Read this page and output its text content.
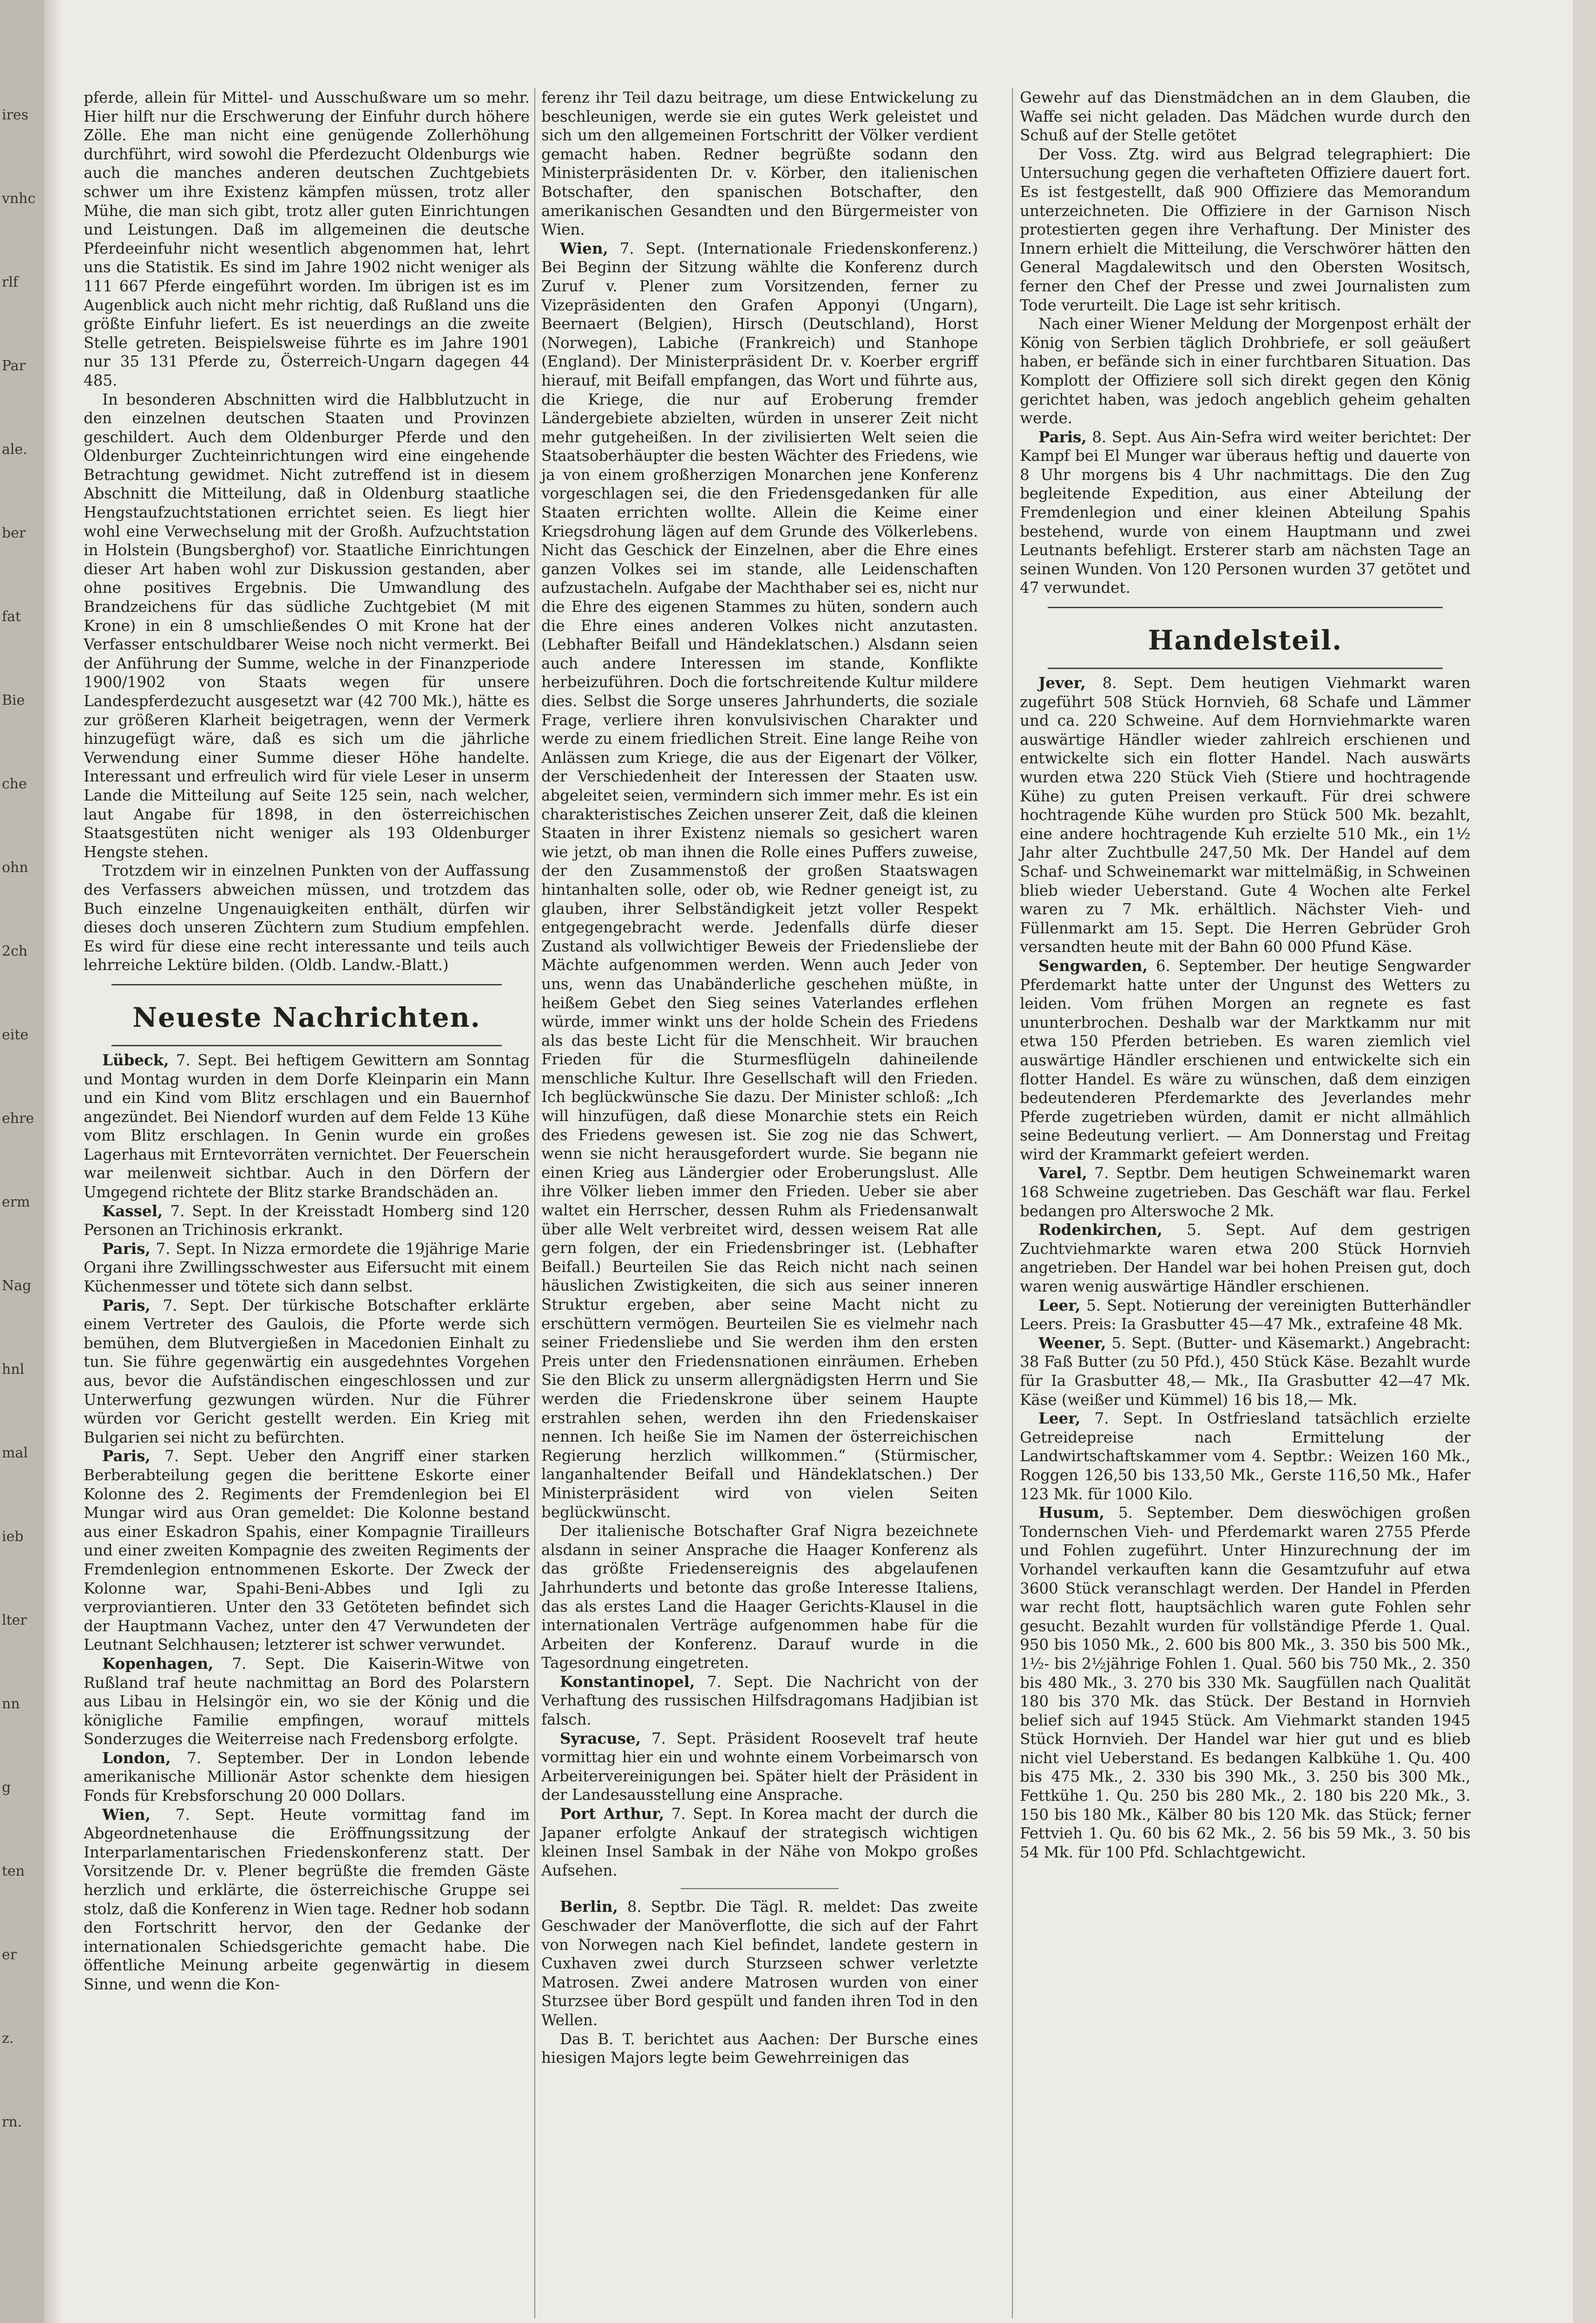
ires
vnhc
rlf
Par
ale.
ber
fat
Bie
che
ohn
2ch
eite
ehre
erm
Nag
hnl
mal
ieb
lter
nn
g
ten
er
z.
rn.

pferde, allein für Mittel- und Ausschußware um so mehr. Hier hilft nur die Erschwerung der Einfuhr durch höhere Zölle. Ehe man nicht eine genügende Zollerhöhung durchführt, wird sowohl die Pferdezucht Oldenburgs wie auch die manches anderen deutschen Zuchtgebiets schwer um ihre Existenz kämpfen müssen, trotz aller Mühe, die man sich gibt, trotz aller guten Einrichtungen und Leistungen. Daß im allgemeinen die deutsche Pferdeeinfuhr nicht wesentlich abgenommen hat, lehrt uns die Statistik. Es sind im Jahre 1902 nicht weniger als 111 667 Pferde eingeführt worden. Im übrigen ist es im Augenblick auch nicht mehr richtig, daß Rußland uns die größte Einfuhr liefert. Es ist neuerdings an die zweite Stelle getreten. Beispielsweise führte es im Jahre 1901 nur 35 131 Pferde zu, Österreich-Ungarn dagegen 44 485.

In besonderen Abschnitten wird die Halbblutzucht in den einzelnen deutschen Staaten und Provinzen geschildert. Auch dem Oldenburger Pferde und den Oldenburger Zuchteinrichtungen wird eine eingehende Betrachtung gewidmet. Nicht zutreffend ist in diesem Abschnitt die Mitteilung, daß in Oldenburg staatliche Hengstaufzuchtstationen errichtet seien. Es liegt hier wohl eine Verwechselung mit der Großh. Aufzuchtstation in Holstein (Bungsberghof) vor. Staatliche Einrichtungen dieser Art haben wohl zur Diskussion gestanden, aber ohne positives Ergebnis. Die Umwandlung des Brandzeichens für das südliche Zuchtgebiet (M mit Krone) in ein 8 umschließendes O mit Krone hat der Verfasser entschuldbarer Weise noch nicht vermerkt. Bei der Anführung der Summe, welche in der Finanzperiode 1900/1902 von Staats wegen für unsere Landespferdezucht ausgesetzt war (42 700 Mk.), hätte es zur größeren Klarheit beigetragen, wenn der Vermerk hinzugefügt wäre, daß es sich um die jährliche Verwendung einer Summe dieser Höhe handelte. Interessant und erfreulich wird für viele Leser in unserm Lande die Mitteilung auf Seite 125 sein, nach welcher, laut Angabe für 1898, in den österreichischen Staatsgestüten nicht weniger als 193 Oldenburger Hengste stehen.

Trotzdem wir in einzelnen Punkten von der Auffassung des Verfassers abweichen müssen, und trotzdem das Buch einzelne Ungenauigkeiten enthält, dürfen wir dieses doch unseren Züchtern zum Studium empfehlen. Es wird für diese eine recht interessante und teils auch lehrreiche Lektüre bilden. (Oldb. Landw.-Blatt.)

Neueste Nachrichten.

Lübeck, 7. Sept. Bei heftigem Gewittern am Sonntag und Montag wurden in dem Dorfe Kleinparin ein Mann und ein Kind vom Blitz erschlagen und ein Bauernhof angezündet. Bei Niendorf wurden auf dem Felde 13 Kühe vom Blitz erschlagen. In Genin wurde ein großes Lagerhaus mit Erntevorräten vernichtet. Der Feuerschein war meilenweit sichtbar. Auch in den Dörfern der Umgegend richtete der Blitz starke Brandschäden an.

Kassel, 7. Sept. In der Kreisstadt Homberg sind 120 Personen an Trichinosis erkrankt.

Paris, 7. Sept. In Nizza ermordete die 19jährige Marie Organi ihre Zwillingsschwester aus Eifersucht mit einem Küchenmesser und tötete sich dann selbst.

Paris, 7. Sept. Der türkische Botschafter erklärte einem Vertreter des Gaulois, die Pforte werde sich bemühen, dem Blutvergießen in Macedonien Einhalt zu tun. Sie führe gegenwärtig ein ausgedehntes Vorgehen aus, bevor die Aufständischen eingeschlossen und zur Unterwerfung gezwungen würden. Nur die Führer würden vor Gericht gestellt werden. Ein Krieg mit Bulgarien sei nicht zu befürchten.

Paris, 7. Sept. Ueber den Angriff einer starken Berberabteilung gegen die berittene Eskorte einer Kolonne des 2. Regiments der Fremdenlegion bei El Mungar wird aus Oran gemeldet: Die Kolonne bestand aus einer Eskadron Spahis, einer Kompagnie Tirailleurs und einer zweiten Kompagnie des zweiten Regiments der Fremdenlegion entnommenen Eskorte. Der Zweck der Kolonne war, Spahi-Beni-Abbes und Igli zu verproviantieren. Unter den 33 Getöteten befindet sich der Hauptmann Vachez, unter den 47 Verwundeten der Leutnant Selchhausen; letzterer ist schwer verwundet.

Kopenhagen, 7. Sept. Die Kaiserin-Witwe von Rußland traf heute nachmittag an Bord des Polarstern aus Libau in Helsingör ein, wo sie der König und die königliche Familie empfingen, worauf mittels Sonderzuges die Weiterreise nach Fredensborg erfolgte.

London, 7. September. Der in London lebende amerikanische Millionär Astor schenkte dem hiesigen Fonds für Krebsforschung 20 000 Dollars.

Wien, 7. Sept. Heute vormittag fand im Abgeordnetenhause die Eröffnungssitzung der Interparlamentarischen Friedenskonferenz statt. Der Vorsitzende Dr. v. Plener begrüßte die fremden Gäste herzlich und erklärte, die österreichische Gruppe sei stolz, daß die Konferenz in Wien tage. Redner hob sodann den Fortschritt hervor, den der Gedanke der internationalen Schiedsgerichte gemacht habe. Die öffentliche Meinung arbeite gegenwärtig in diesem Sinne, und wenn die Kon-

ferenz ihr Teil dazu beitrage, um diese Entwickelung zu beschleunigen, werde sie ein gutes Werk geleistet und sich um den allgemeinen Fortschritt der Völker verdient gemacht haben. Redner begrüßte sodann den Ministerpräsidenten Dr. v. Körber, den italienischen Botschafter, den spanischen Botschafter, den amerikanischen Gesandten und den Bürgermeister von Wien.

Wien, 7. Sept. (Internationale Friedenskonferenz.) Bei Beginn der Sitzung wählte die Konferenz durch Zuruf v. Plener zum Vorsitzenden, ferner zu Vizepräsidenten den Grafen Apponyi (Ungarn), Beernaert (Belgien), Hirsch (Deutschland), Horst (Norwegen), Labiche (Frankreich) und Stanhope (England). Der Ministerpräsident Dr. v. Koerber ergriff hierauf, mit Beifall empfangen, das Wort und führte aus, die Kriege, die nur auf Eroberung fremder Ländergebiete abzielten, würden in unserer Zeit nicht mehr gutgeheißen. In der zivilisierten Welt seien die Staatsoberhäupter die besten Wächter des Friedens, wie ja von einem großherzigen Monarchen jene Konferenz vorgeschlagen sei, die den Friedensgedanken für alle Staaten errichten wollte. Allein die Keime einer Kriegsdrohung lägen auf dem Grunde des Völkerlebens. Nicht das Geschick der Einzelnen, aber die Ehre eines ganzen Volkes sei im stande, alle Leidenschaften aufzustacheln. Aufgabe der Machthaber sei es, nicht nur die Ehre des eigenen Stammes zu hüten, sondern auch die Ehre eines anderen Volkes nicht anzutasten. (Lebhafter Beifall und Händeklatschen.) Alsdann seien auch andere Interessen im stande, Konflikte herbeizuführen. Doch die fortschreitende Kultur mildere dies. Selbst die Sorge unseres Jahrhunderts, die soziale Frage, verliere ihren konvulsivischen Charakter und werde zu einem friedlichen Streit. Eine lange Reihe von Anlässen zum Kriege, die aus der Eigenart der Völker, der Verschiedenheit der Interessen der Staaten usw. abgeleitet seien, vermindern sich immer mehr. Es ist ein charakteristisches Zeichen unserer Zeit, daß die kleinen Staaten in ihrer Existenz niemals so gesichert waren wie jetzt, ob man ihnen die Rolle eines Puffers zuweise, der den Zusammenstoß der großen Staatswagen hintanhalten solle, oder ob, wie Redner geneigt ist, zu glauben, ihrer Selbständigkeit jetzt voller Respekt entgegengebracht werde. Jedenfalls dürfe dieser Zustand als vollwichtiger Beweis der Friedensliebe der Mächte aufgenommen werden. Wenn auch Jeder von uns, wenn das Unabänderliche geschehen müßte, in heißem Gebet den Sieg seines Vaterlandes erflehen würde, immer winkt uns der holde Schein des Friedens als das beste Licht für die Menschheit. Wir brauchen Frieden für die Sturmesflügeln dahineilende menschliche Kultur. Ihre Gesellschaft will den Frieden. Ich beglückwünsche Sie dazu. Der Minister schloß: „Ich will hinzufügen, daß diese Monarchie stets ein Reich des Friedens gewesen ist. Sie zog nie das Schwert, wenn sie nicht herausgefordert wurde. Sie begann nie einen Krieg aus Ländergier oder Eroberungslust. Alle ihre Völker lieben immer den Frieden. Ueber sie aber waltet ein Herrscher, dessen Ruhm als Friedensanwalt über alle Welt verbreitet wird, dessen weisem Rat alle gern folgen, der ein Friedensbringer ist. (Lebhafter Beifall.) Beurteilen Sie das Reich nicht nach seinen häuslichen Zwistigkeiten, die sich aus seiner inneren Struktur ergeben, aber seine Macht nicht zu erschüttern vermögen. Beurteilen Sie es vielmehr nach seiner Friedensliebe und Sie werden ihm den ersten Preis unter den Friedensnationen einräumen. Erheben Sie den Blick zu unserm allergnädigsten Herrn und Sie werden die Friedenskrone über seinem Haupte erstrahlen sehen, werden ihn den Friedenskaiser nennen. Ich heiße Sie im Namen der österreichischen Regierung herzlich willkommen.“ (Stürmischer, langanhaltender Beifall und Händeklatschen.) Der Ministerpräsident wird von vielen Seiten beglückwünscht.

Der italienische Botschafter Graf Nigra bezeichnete alsdann in seiner Ansprache die Haager Konferenz als das größte Friedensereignis des abgelaufenen Jahrhunderts und betonte das große Interesse Italiens, das als erstes Land die Haager Gerichts-Klausel in die internationalen Verträge aufgenommen habe für die Arbeiten der Konferenz. Darauf wurde in die Tagesordnung eingetreten.

Konstantinopel, 7. Sept. Die Nachricht von der Verhaftung des russischen Hilfsdragomans Hadjibian ist falsch.

Syracuse, 7. Sept. Präsident Roosevelt traf heute vormittag hier ein und wohnte einem Vorbeimarsch von Arbeitervereinigungen bei. Später hielt der Präsident in der Landesausstellung eine Ansprache.

Port Arthur, 7. Sept. In Korea macht der durch die Japaner erfolgte Ankauf der strategisch wichtigen kleinen Insel Sambak in der Nähe von Mokpo großes Aufsehen.

Berlin, 8. Septbr. Die Tägl. R. meldet: Das zweite Geschwader der Manöverflotte, die sich auf der Fahrt von Norwegen nach Kiel befindet, landete gestern in Cuxhaven zwei durch Sturzseen schwer verletzte Matrosen. Zwei andere Matrosen wurden von einer Sturzsee über Bord gespült und fanden ihren Tod in den Wellen.

Das B. T. berichtet aus Aachen: Der Bursche eines hiesigen Majors legte beim Gewehrreinigen das

Gewehr auf das Dienstmädchen an in dem Glauben, die Waffe sei nicht geladen. Das Mädchen wurde durch den Schuß auf der Stelle getötet

Der Voss. Ztg. wird aus Belgrad telegraphiert: Die Untersuchung gegen die verhafteten Offiziere dauert fort. Es ist festgestellt, daß 900 Offiziere das Memorandum unterzeichneten. Die Offiziere in der Garnison Nisch protestierten gegen ihre Verhaftung. Der Minister des Innern erhielt die Mitteilung, die Verschwörer hätten den General Magdalewitsch und den Obersten Wositsch, ferner den Chef der Presse und zwei Journalisten zum Tode verurteilt. Die Lage ist sehr kritisch.

Nach einer Wiener Meldung der Morgenpost erhält der König von Serbien täglich Drohbriefe, er soll geäußert haben, er befände sich in einer furchtbaren Situation. Das Komplott der Offiziere soll sich direkt gegen den König gerichtet haben, was jedoch angeblich geheim gehalten werde.

Paris, 8. Sept. Aus Ain-Sefra wird weiter berichtet: Der Kampf bei El Munger war überaus heftig und dauerte von 8 Uhr morgens bis 4 Uhr nachmittags. Die den Zug begleitende Expedition, aus einer Abteilung der Fremdenlegion und einer kleinen Abteilung Spahis bestehend, wurde von einem Hauptmann und zwei Leutnants befehligt. Ersterer starb am nächsten Tage an seinen Wunden. Von 120 Personen wurden 37 getötet und 47 verwundet.

Handelsteil.

Jever, 8. Sept. Dem heutigen Viehmarkt waren zugeführt 508 Stück Hornvieh, 68 Schafe und Lämmer und ca. 220 Schweine. Auf dem Hornviehmarkte waren auswärtige Händler wieder zahlreich erschienen und entwickelte sich ein flotter Handel. Nach auswärts wurden etwa 220 Stück Vieh (Stiere und hochtragende Kühe) zu guten Preisen verkauft. Für drei schwere hochtragende Kühe wurden pro Stück 500 Mk. bezahlt, eine andere hochtragende Kuh erzielte 510 Mk., ein 1½ Jahr alter Zuchtbulle 247,50 Mk. Der Handel auf dem Schaf- und Schweinemarkt war mittelmäßig, in Schweinen blieb wieder Ueberstand. Gute 4 Wochen alte Ferkel waren zu 7 Mk. erhältlich. Nächster Vieh- und Füllenmarkt am 15. Sept. Die Herren Gebrüder Groh versandten heute mit der Bahn 60 000 Pfund Käse.

Sengwarden, 6. September. Der heutige Sengwarder Pferdemarkt hatte unter der Ungunst des Wetters zu leiden. Vom frühen Morgen an regnete es fast ununterbrochen. Deshalb war der Marktkamm nur mit etwa 150 Pferden betrieben. Es waren ziemlich viel auswärtige Händler erschienen und entwickelte sich ein flotter Handel. Es wäre zu wünschen, daß dem einzigen bedeutenderen Pferdemarkte des Jeverlandes mehr Pferde zugetrieben würden, damit er nicht allmählich seine Bedeutung verliert. — Am Donnerstag und Freitag wird der Krammarkt gefeiert werden.

Varel, 7. Septbr. Dem heutigen Schweinemarkt waren 168 Schweine zugetrieben. Das Geschäft war flau. Ferkel bedangen pro Alterswoche 2 Mk.

Rodenkirchen, 5. Sept. Auf dem gestrigen Zuchtviehmarkte waren etwa 200 Stück Hornvieh angetrieben. Der Handel war bei hohen Preisen gut, doch waren wenig auswärtige Händler erschienen.

Leer, 5. Sept. Notierung der vereinigten Butterhändler Leers. Preis: Ia Grasbutter 45—47 Mk., extrafeine 48 Mk.

Weener, 5. Sept. (Butter- und Käsemarkt.) Angebracht: 38 Faß Butter (zu 50 Pfd.), 450 Stück Käse. Bezahlt wurde für Ia Grasbutter 48,— Mk., IIa Grasbutter 42—47 Mk. Käse (weißer und Kümmel) 16 bis 18,— Mk.

Leer, 7. Sept. In Ostfriesland tatsächlich erzielte Getreidepreise nach Ermittelung der Landwirtschaftskammer vom 4. Septbr.: Weizen 160 Mk., Roggen 126,50 bis 133,50 Mk., Gerste 116,50 Mk., Hafer 123 Mk. für 1000 Kilo.

Husum, 5. September. Dem dieswöchigen großen Tondernschen Vieh- und Pferdemarkt waren 2755 Pferde und Fohlen zugeführt. Unter Hinzurechnung der im Vorhandel verkauften kann die Gesamtzufuhr auf etwa 3600 Stück veranschlagt werden. Der Handel in Pferden war recht flott, hauptsächlich waren gute Fohlen sehr gesucht. Bezahlt wurden für vollständige Pferde 1. Qual. 950 bis 1050 Mk., 2. 600 bis 800 Mk., 3. 350 bis 500 Mk., 1½- bis 2½jährige Fohlen 1. Qual. 560 bis 750 Mk., 2. 350 bis 480 Mk., 3. 270 bis 330 Mk. Saugfüllen nach Qualität 180 bis 370 Mk. das Stück. Der Bestand in Hornvieh belief sich auf 1945 Stück. Am Viehmarkt standen 1945 Stück Hornvieh. Der Handel war hier gut und es blieb nicht viel Ueberstand. Es bedangen Kalbkühe 1. Qu. 400 bis 475 Mk., 2. 330 bis 390 Mk., 3. 250 bis 300 Mk., Fettkühe 1. Qu. 250 bis 280 Mk., 2. 180 bis 220 Mk., 3. 150 bis 180 Mk., Kälber 80 bis 120 Mk. das Stück; ferner Fettvieh 1. Qu. 60 bis 62 Mk., 2. 56 bis 59 Mk., 3. 50 bis 54 Mk. für 100 Pfd. Schlachtgewicht.
